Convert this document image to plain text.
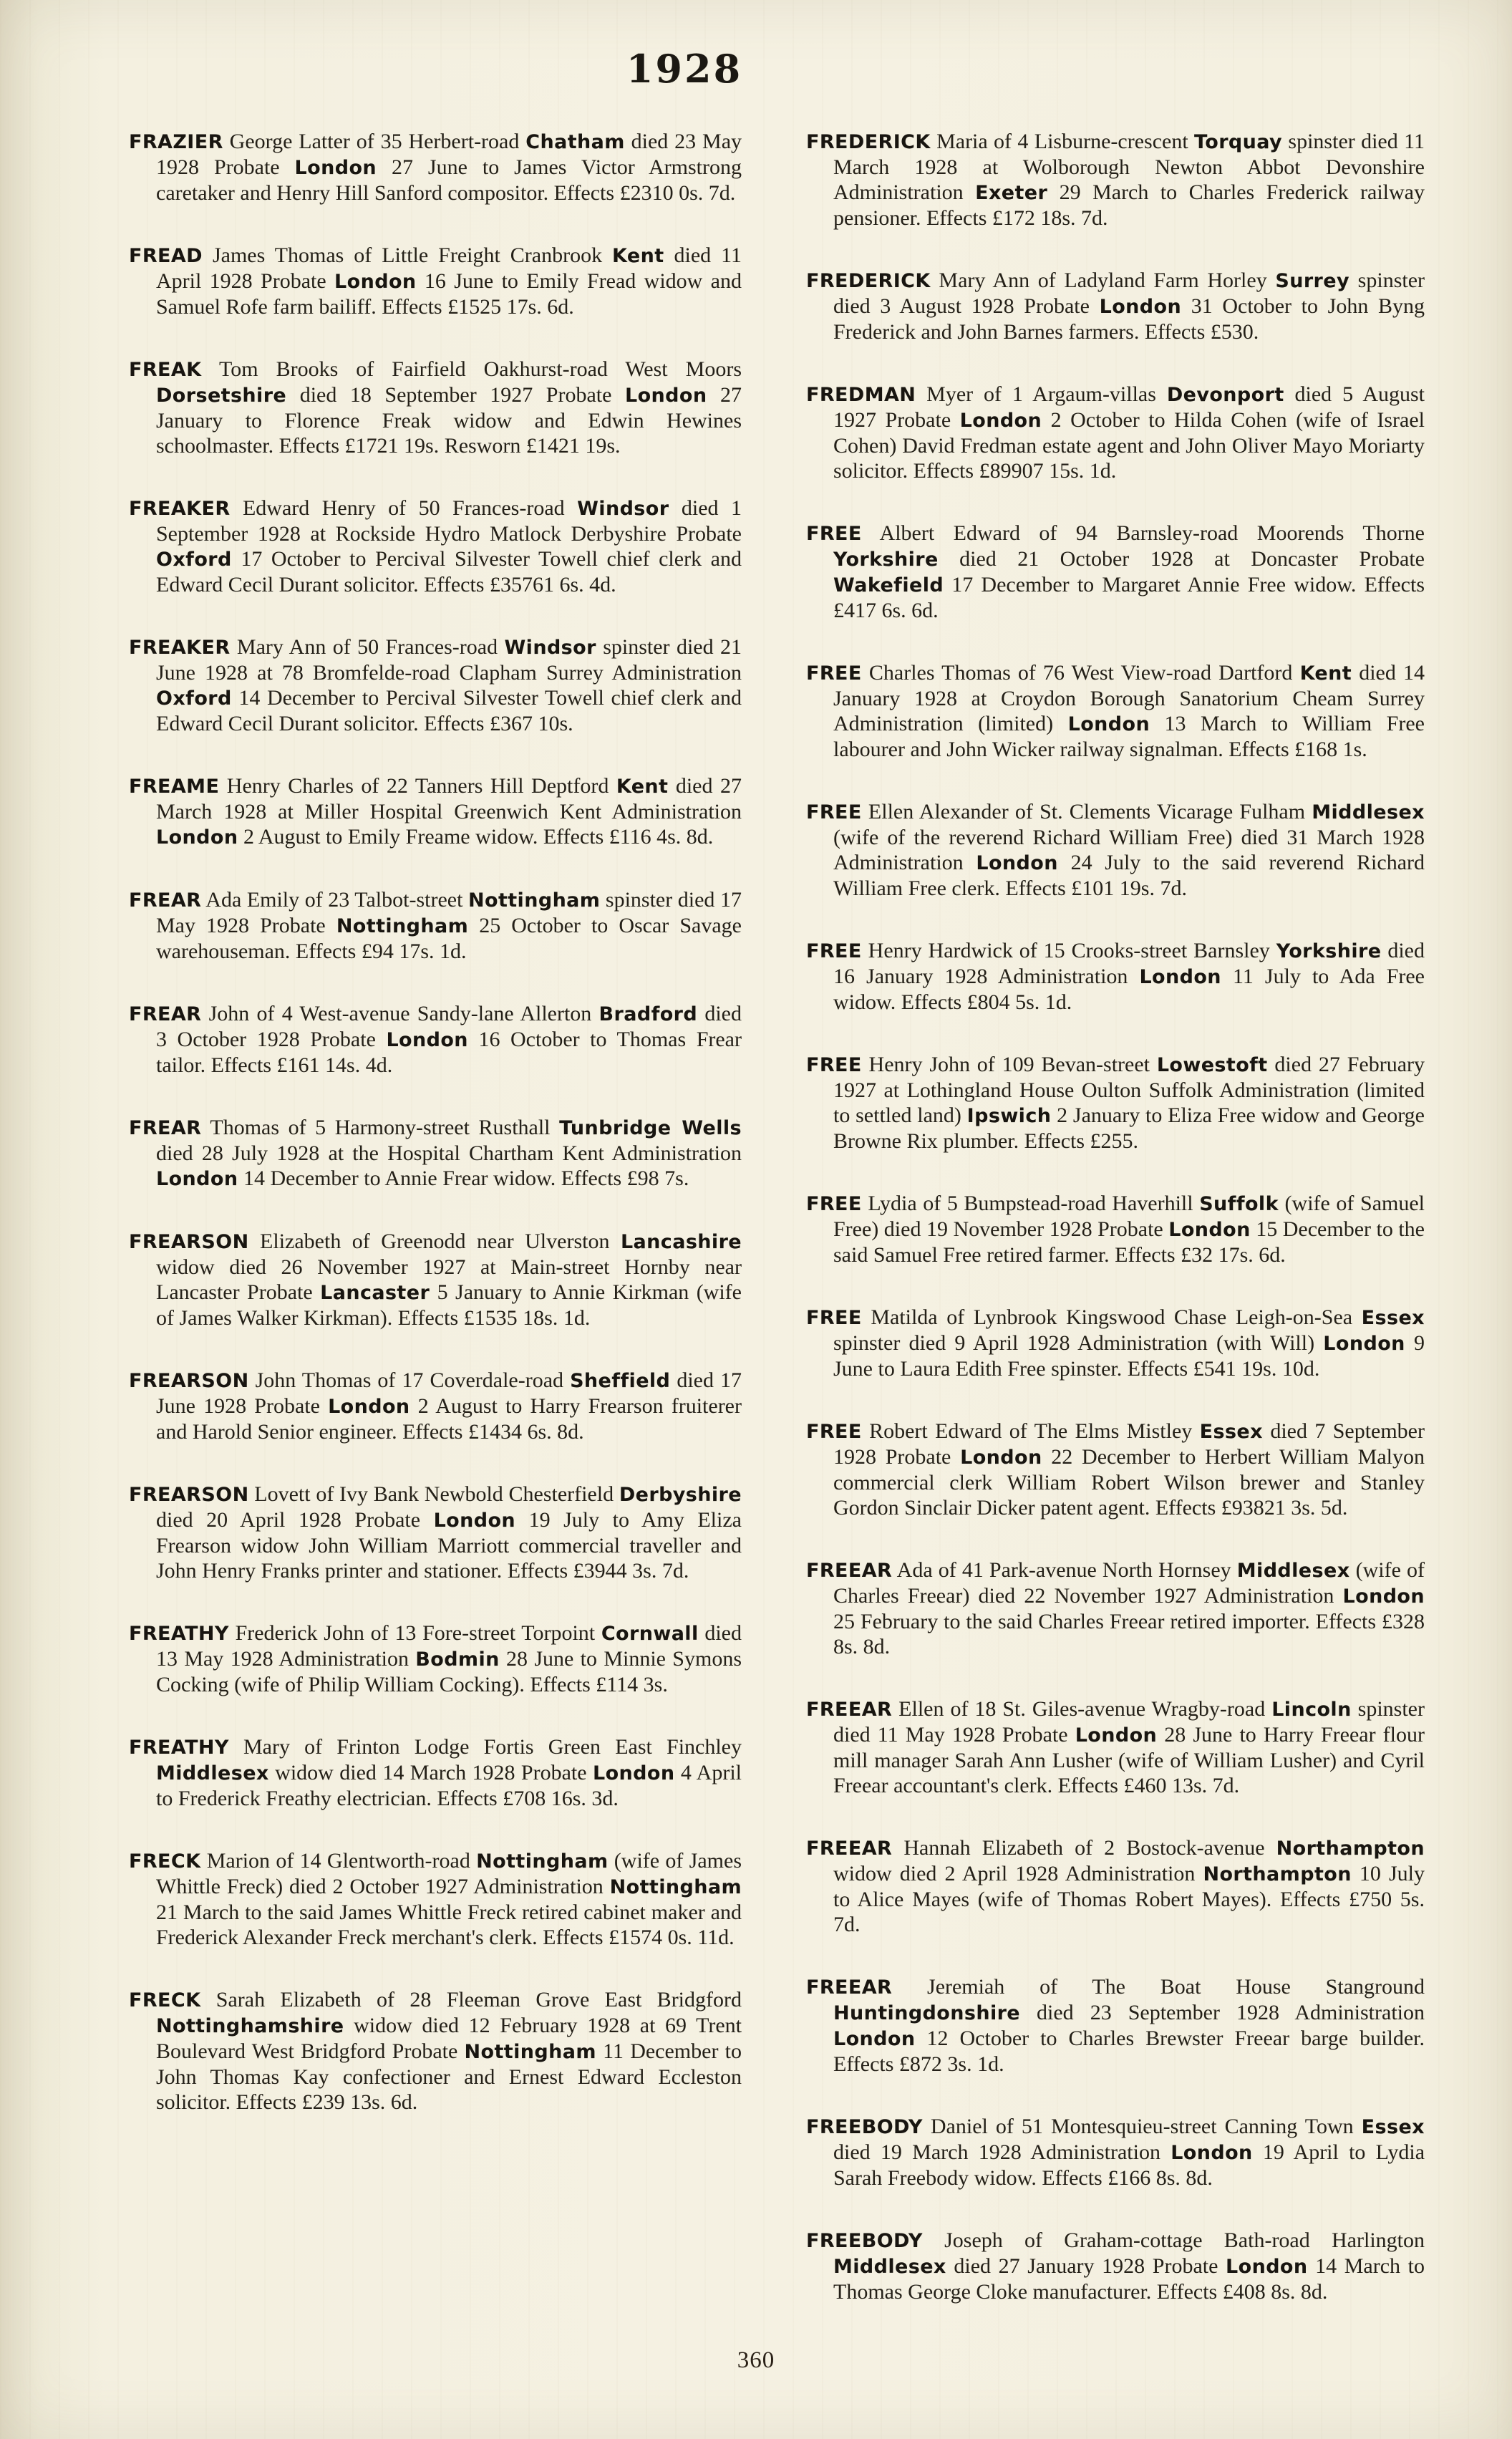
1928
FRAZIER George Latter of 35 Herbert-road Chatham died 23 May 1928 Probate London 27 June to James Victor Armstrong caretaker and Henry Hill Sanford compositor. Effects £2310 0s. 7d.
FREAD James Thomas of Little Freight Cranbrook Kent died 11 April 1928 Probate London 16 June to Emily Fread widow and Samuel Rofe farm bailiff. Effects £1525 17s. 6d.
FREAK Tom Brooks of Fairfield Oakhurst-road West Moors Dorsetshire died 18 September 1927 Probate London 27 January to Florence Freak widow and Edwin Hewines schoolmaster. Effects £1721 19s. Resworn £1421 19s.
FREAKER Edward Henry of 50 Frances-road Windsor died 1 September 1928 at Rockside Hydro Matlock Derbyshire Probate Oxford 17 October to Percival Silvester Towell chief clerk and Edward Cecil Durant solicitor. Effects £35761 6s. 4d.
FREAKER Mary Ann of 50 Frances-road Windsor spinster died 21 June 1928 at 78 Bromfelde-road Clapham Surrey Administration Oxford 14 December to Percival Silvester Towell chief clerk and Edward Cecil Durant solicitor. Effects £367 10s.
FREAME Henry Charles of 22 Tanners Hill Deptford Kent died 27 March 1928 at Miller Hospital Greenwich Kent Administration London 2 August to Emily Freame widow. Effects £116 4s. 8d.
FREAR Ada Emily of 23 Talbot-street Nottingham spinster died 17 May 1928 Probate Nottingham 25 October to Oscar Savage warehouseman. Effects £94 17s. 1d.
FREAR John of 4 West-avenue Sandy-lane Allerton Bradford died 3 October 1928 Probate London 16 October to Thomas Frear tailor. Effects £161 14s. 4d.
FREAR Thomas of 5 Harmony-street Rusthall Tunbridge Wells died 28 July 1928 at the Hospital Chartham Kent Administration London 14 December to Annie Frear widow. Effects £98 7s.
FREARSON Elizabeth of Greenodd near Ulverston Lancashire widow died 26 November 1927 at Main-street Hornby near Lancaster Probate Lancaster 5 January to Annie Kirkman (wife of James Walker Kirkman). Effects £1535 18s. 1d.
FREARSON John Thomas of 17 Coverdale-road Sheffield died 17 June 1928 Probate London 2 August to Harry Frearson fruiterer and Harold Senior engineer. Effects £1434 6s. 8d.
FREARSON Lovett of Ivy Bank Newbold Chesterfield Derbyshire died 20 April 1928 Probate London 19 July to Amy Eliza Frearson widow John William Marriott commercial traveller and John Henry Franks printer and stationer. Effects £3944 3s. 7d.
FREATHY Frederick John of 13 Fore-street Torpoint Cornwall died 13 May 1928 Administration Bodmin 28 June to Minnie Symons Cocking (wife of Philip William Cocking). Effects £114 3s.
FREATHY Mary of Frinton Lodge Fortis Green East Finchley Middlesex widow died 14 March 1928 Probate London 4 April to Frederick Freathy electrician. Effects £708 16s. 3d.
FRECK Marion of 14 Glentworth-road Nottingham (wife of James Whittle Freck) died 2 October 1927 Administration Nottingham 21 March to the said James Whittle Freck retired cabinet maker and Frederick Alexander Freck merchant's clerk. Effects £1574 0s. 11d.
FRECK Sarah Elizabeth of 28 Fleeman Grove East Bridgford Nottinghamshire widow died 12 February 1928 at 69 Trent Boulevard West Bridgford Probate Nottingham 11 December to John Thomas Kay confectioner and Ernest Edward Eccleston solicitor. Effects £239 13s. 6d.
FREDERICK Maria of 4 Lisburne-crescent Torquay spinster died 11 March 1928 at Wolborough Newton Abbot Devonshire Administration Exeter 29 March to Charles Frederick railway pensioner. Effects £172 18s. 7d.
FREDERICK Mary Ann of Ladyland Farm Horley Surrey spinster died 3 August 1928 Probate London 31 October to John Byng Frederick and John Barnes farmers. Effects £530.
FREDMAN Myer of 1 Argaum-villas Devonport died 5 August 1927 Probate London 2 October to Hilda Cohen (wife of Israel Cohen) David Fredman estate agent and John Oliver Mayo Moriarty solicitor. Effects £89907 15s. 1d.
FREE Albert Edward of 94 Barnsley-road Moorends Thorne Yorkshire died 21 October 1928 at Doncaster Probate Wakefield 17 December to Margaret Annie Free widow. Effects £417 6s. 6d.
FREE Charles Thomas of 76 West View-road Dartford Kent died 14 January 1928 at Croydon Borough Sanatorium Cheam Surrey Administration (limited) London 13 March to William Free labourer and John Wicker railway signalman. Effects £168 1s.
FREE Ellen Alexander of St. Clements Vicarage Fulham Middlesex (wife of the reverend Richard William Free) died 31 March 1928 Administration London 24 July to the said reverend Richard William Free clerk. Effects £101 19s. 7d.
FREE Henry Hardwick of 15 Crooks-street Barnsley Yorkshire died 16 January 1928 Administration London 11 July to Ada Free widow. Effects £804 5s. 1d.
FREE Henry John of 109 Bevan-street Lowestoft died 27 February 1927 at Lothingland House Oulton Suffolk Administration (limited to settled land) Ipswich 2 January to Eliza Free widow and George Browne Rix plumber. Effects £255.
FREE Lydia of 5 Bumpstead-road Haverhill Suffolk (wife of Samuel Free) died 19 November 1928 Probate London 15 December to the said Samuel Free retired farmer. Effects £32 17s. 6d.
FREE Matilda of Lynbrook Kingswood Chase Leigh-on-Sea Essex spinster died 9 April 1928 Administration (with Will) London 9 June to Laura Edith Free spinster. Effects £541 19s. 10d.
FREE Robert Edward of The Elms Mistley Essex died 7 September 1928 Probate London 22 December to Herbert William Malyon commercial clerk William Robert Wilson brewer and Stanley Gordon Sinclair Dicker patent agent. Effects £93821 3s. 5d.
FREEAR Ada of 41 Park-avenue North Hornsey Middlesex (wife of Charles Freear) died 22 November 1927 Administration London 25 February to the said Charles Freear retired importer. Effects £328 8s. 8d.
FREEAR Ellen of 18 St. Giles-avenue Wragby-road Lincoln spinster died 11 May 1928 Probate London 28 June to Harry Freear flour mill manager Sarah Ann Lusher (wife of William Lusher) and Cyril Freear accountant's clerk. Effects £460 13s. 7d.
FREEAR Hannah Elizabeth of 2 Bostock-avenue Northampton widow died 2 April 1928 Administration Northampton 10 July to Alice Mayes (wife of Thomas Robert Mayes). Effects £750 5s. 7d.
FREEAR Jeremiah of The Boat House Stanground Huntingdonshire died 23 September 1928 Administration London 12 October to Charles Brewster Freear barge builder. Effects £872 3s. 1d.
FREEBODY Daniel of 51 Montesquieu-street Canning Town Essex died 19 March 1928 Administration London 19 April to Lydia Sarah Freebody widow. Effects £166 8s. 8d.
FREEBODY Joseph of Graham-cottage Bath-road Harlington Middlesex died 27 January 1928 Probate London 14 March to Thomas George Cloke manufacturer. Effects £408 8s. 8d.
360
